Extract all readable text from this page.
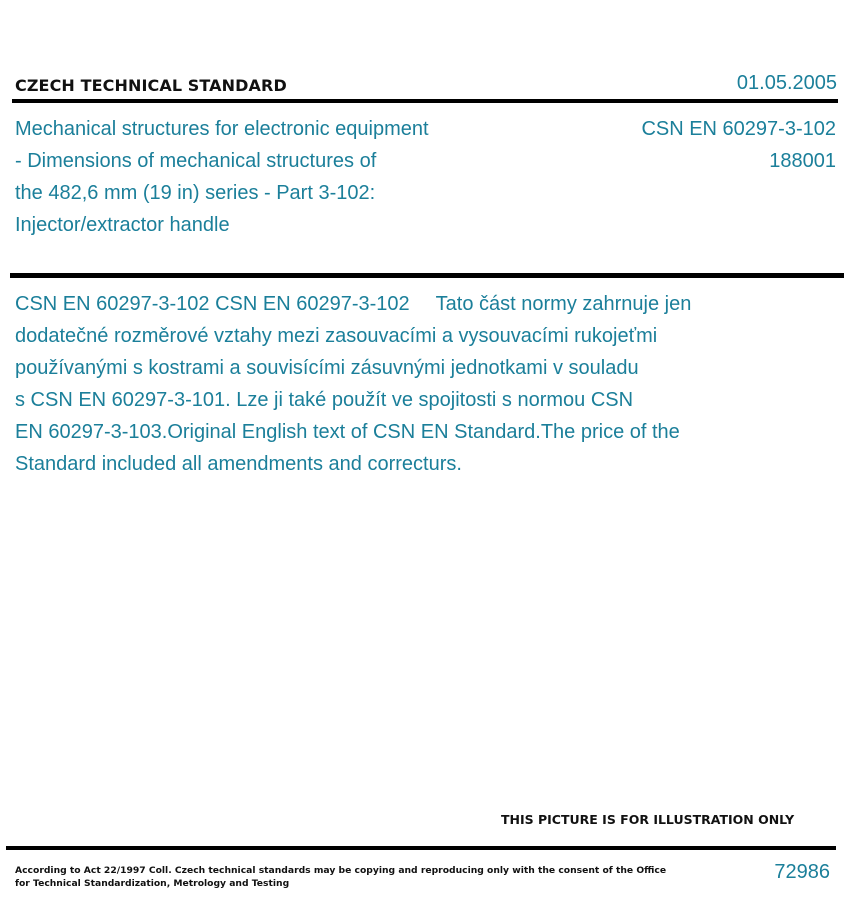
CZECH TECHNICAL STANDARD	01.05.2005
Mechanical structures for electronic equipment
- Dimensions of mechanical structures of
the 482,6 mm (19 in) series - Part 3-102:
Injector/extractor handle
CSN EN 60297-3-102
188001
CSN EN 60297-3-102 CSN EN 60297-3-102 Tato část normy zahrnuje jen
dodatečné rozměrové vztahy mezi zasouvacími a vysouvacími rukojeťmi
používanými s kostrami a souvisícími zásuvnými jednotkami v souladu
s CSN EN 60297-3-101. Lze ji také použít ve spojitosti s normou CSN
EN 60297-3-103.Original English text of CSN EN Standard.The price of the
Standard included all amendments and correcturs.
THIS PICTURE IS FOR ILLUSTRATION ONLY
According to Act 22/1997 Coll. Czech technical standards may be copying and reproducing only with the consent of the Office
for Technical Standardization, Metrology and Testing
72986
